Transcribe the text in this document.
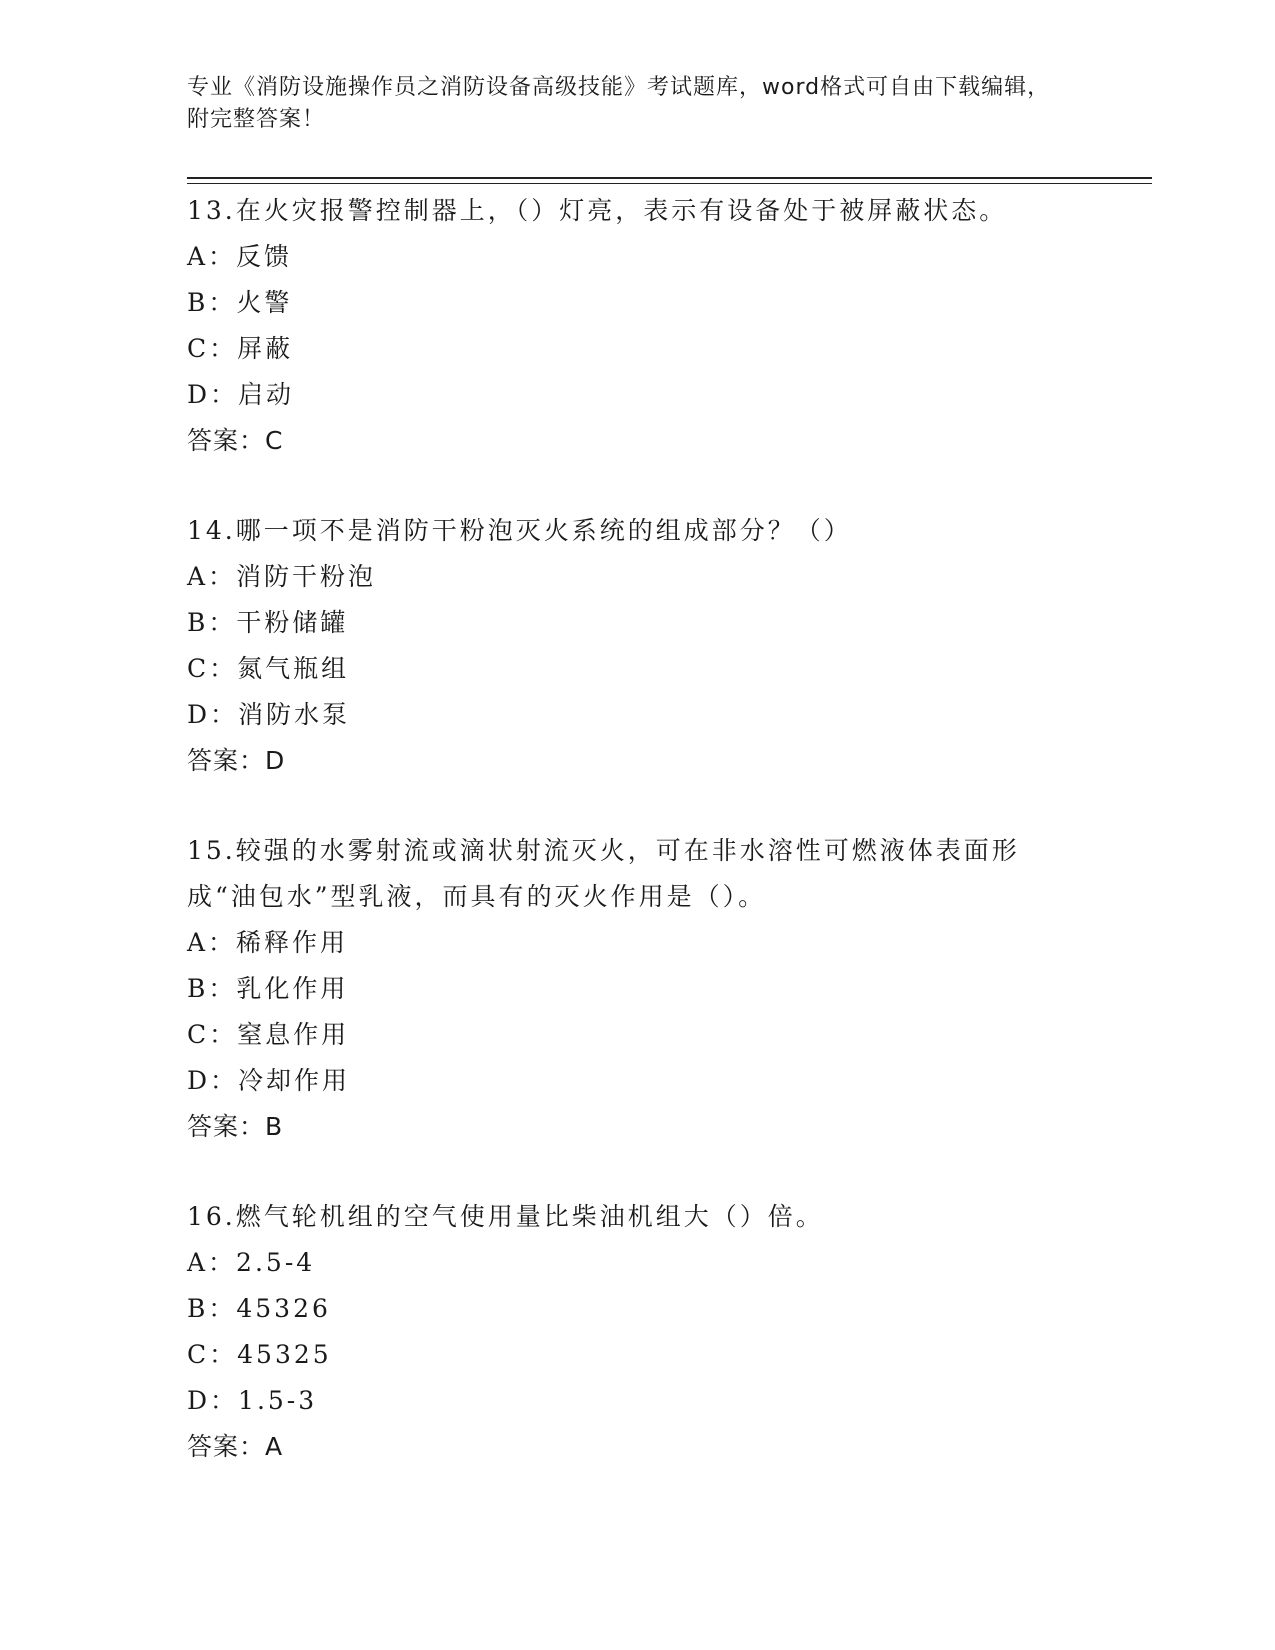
专业《消防设施操作员之消防设备高级技能》考试题库，word格式可自由下载编辑，附完整答案！

13.在火灾报警控制器上，（）灯亮，表示有设备处于被屏蔽状态。

A：反馈

B：火警

C：屏蔽

D：启动

答案：C

14.哪一项不是消防干粉泡灭火系统的组成部分？（）

A：消防干粉泡

B：干粉储罐

C：氮气瓶组

D：消防水泵

答案：D

15.较强的水雾射流或滴状射流灭火，可在非水溶性可燃液体表面形成“油包水”型乳液，而具有的灭火作用是（）。

A：稀释作用

B：乳化作用

C：窒息作用

D：冷却作用

答案：B

16.燃气轮机组的空气使用量比柴油机组大（）倍。

A：2.5-4

B：45326

C：45325

D：1.5-3

答案：A
